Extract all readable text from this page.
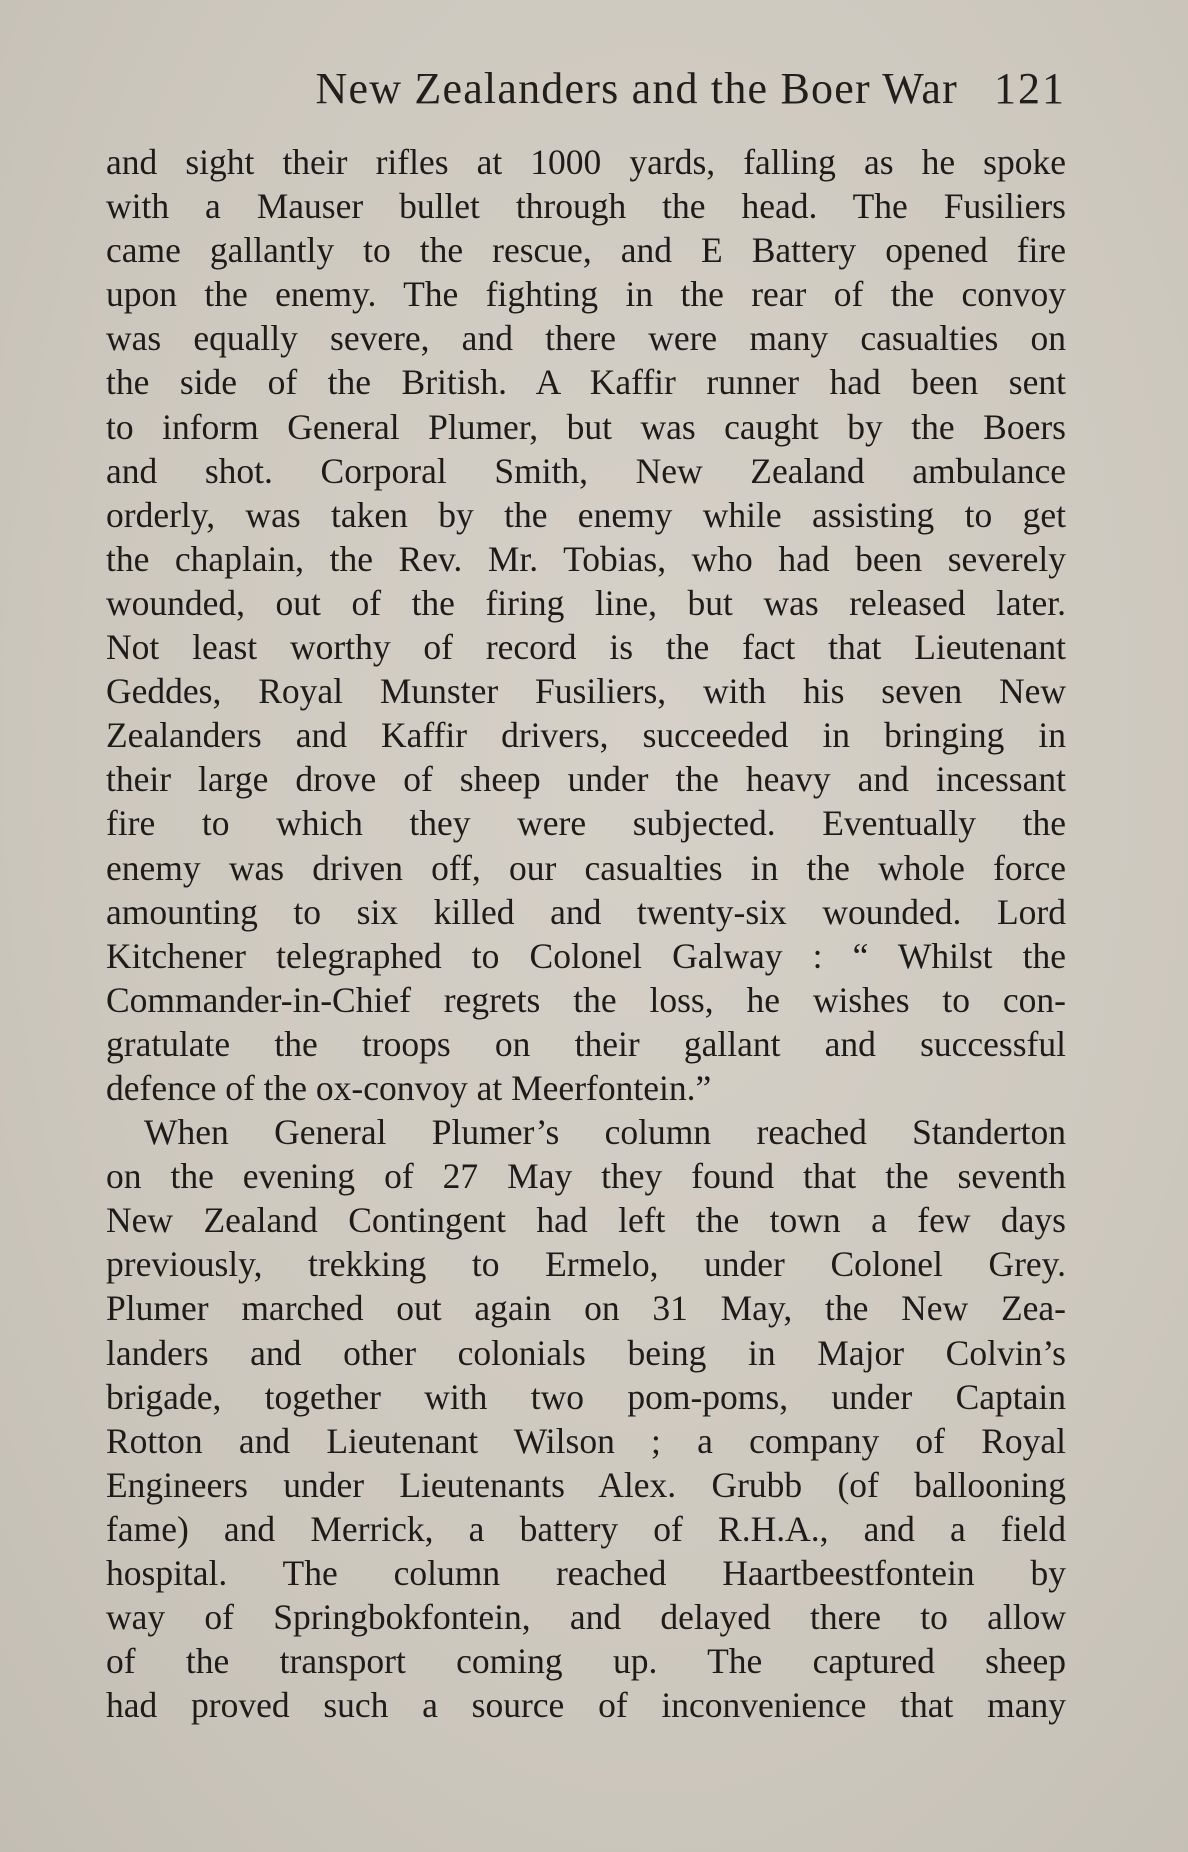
New Zealanders and the Boer War 121
and sight their rifles at 1000 yards, falling as he spoke
with a Mauser bullet through the head. The Fusiliers
came gallantly to the rescue, and E Battery opened fire
upon the enemy. The fighting in the rear of the convoy
was equally severe, and there were many casualties on
the side of the British. A Kaffir runner had been sent
to inform General Plumer, but was caught by the Boers
and shot. Corporal Smith, New Zealand ambulance
orderly, was taken by the enemy while assisting to get
the chaplain, the Rev. Mr. Tobias, who had been severely
wounded, out of the firing line, but was released later.
Not least worthy of record is the fact that Lieutenant
Geddes, Royal Munster Fusiliers, with his seven New
Zealanders and Kaffir drivers, succeeded in bringing in
their large drove of sheep under the heavy and incessant
fire to which they were subjected. Eventually the
enemy was driven off, our casualties in the whole force
amounting to six killed and twenty-six wounded. Lord
Kitchener telegraphed to Colonel Galway : “ Whilst the
Commander-in-Chief regrets the loss, he wishes to con-
gratulate the troops on their gallant and successful
defence of the ox-convoy at Meerfontein.”
When General Plumer’s column reached Standerton
on the evening of 27 May they found that the seventh
New Zealand Contingent had left the town a few days
previously, trekking to Ermelo, under Colonel Grey.
Plumer marched out again on 31 May, the New Zea-
landers and other colonials being in Major Colvin’s
brigade, together with two pom-poms, under Captain
Rotton and Lieutenant Wilson ; a company of Royal
Engineers under Lieutenants Alex. Grubb (of ballooning
fame) and Merrick, a battery of R.H.A., and a field
hospital. The column reached Haartbeestfontein by
way of Springbokfontein, and delayed there to allow
of the transport coming up. The captured sheep
had proved such a source of inconvenience that many
